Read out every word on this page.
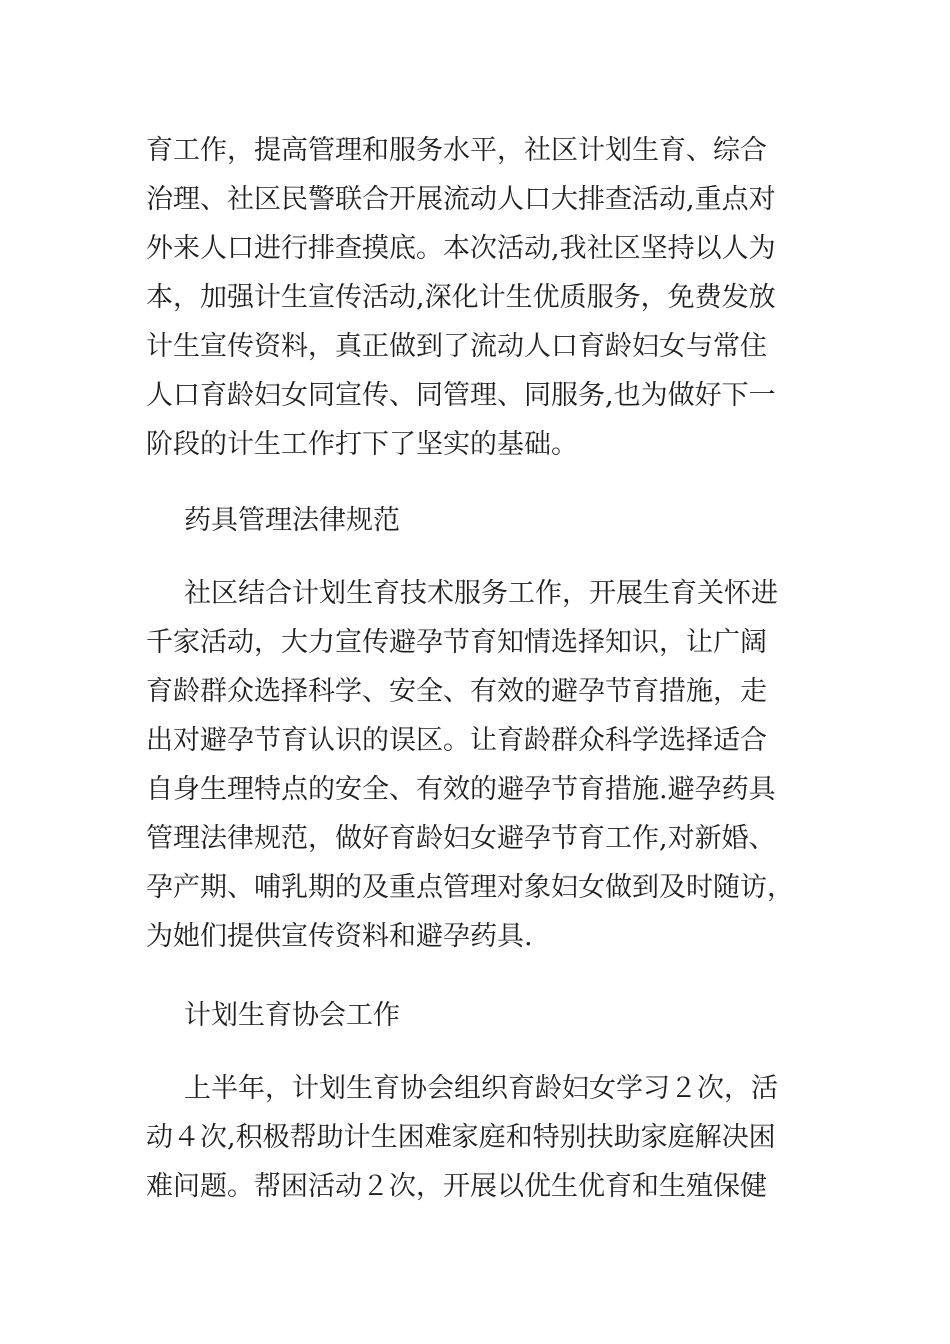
育工作，提高管理和服务水平，社区计划生育、综合
治理、社区民警联合开展流动人口大排查活动,重点对
外来人口进行排查摸底。本次活动,我社区坚持以人为
本，加强计生宣传活动,深化计生优质服务，免费发放
计生宣传资料，真正做到了流动人口育龄妇女与常住
人口育龄妇女同宣传、同管理、同服务,也为做好下一
阶段的计生工作打下了坚实的基础。
药具管理法律规范
社区结合计划生育技术服务工作，开展生育关怀进
千家活动，大力宣传避孕节育知情选择知识，让广阔
育龄群众选择科学、安全、有效的避孕节育措施，走
出对避孕节育认识的误区。让育龄群众科学选择适合
自身生理特点的安全、有效的避孕节育措施.避孕药具
管理法律规范，做好育龄妇女避孕节育工作,对新婚、
孕产期、哺乳期的及重点管理对象妇女做到及时随访，
为她们提供宣传资料和避孕药具.
计划生育协会工作
上半年，计划生育协会组织育龄妇女学习２次，活
动４次,积极帮助计生困难家庭和特别扶助家庭解决困
难问题。帮困活动２次，开展以优生优育和生殖保健
